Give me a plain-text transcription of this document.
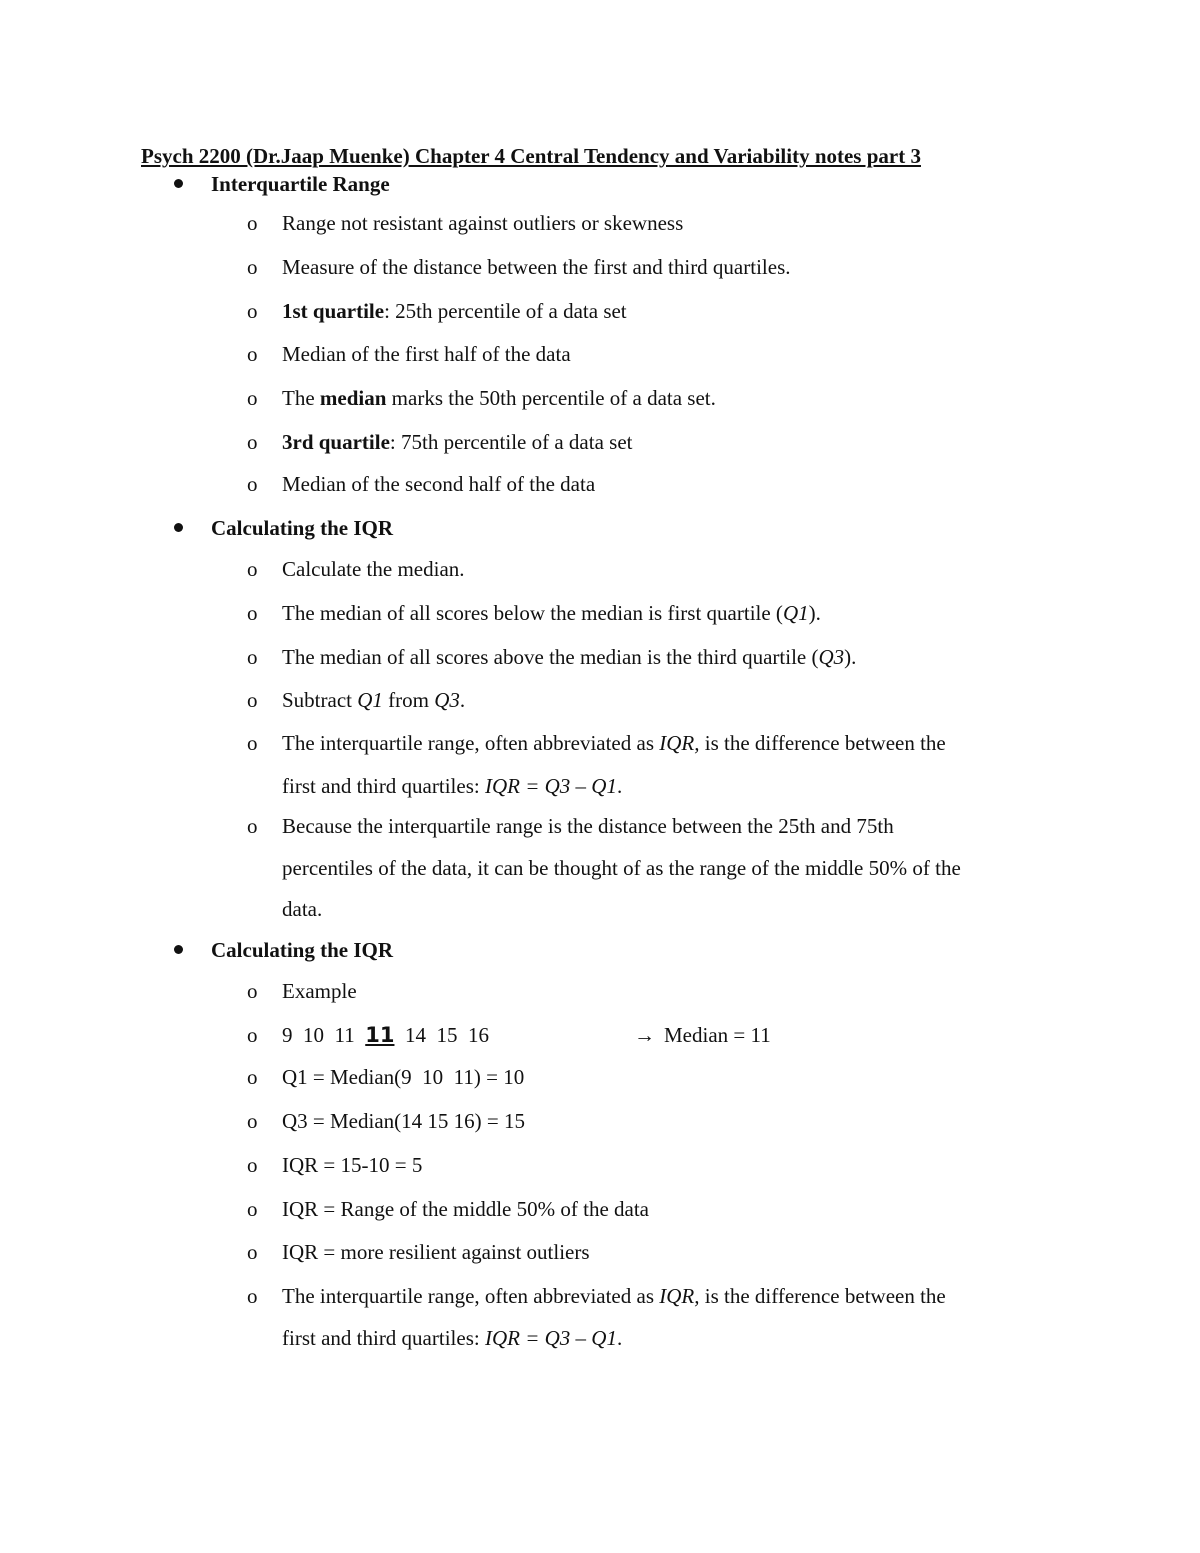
Psych 2200 (Dr.Jaap Muenke) Chapter 4 Central Tendency and Variability notes part 3
Interquartile Range
o Range not resistant against outliers or skewness
o Measure of the distance between the first and third quartiles.
o 1st quartile: 25th percentile of a data set
o Median of the first half of the data
o The median marks the 50th percentile of a data set.
o 3rd quartile: 75th percentile of a data set
o Median of the second half of the data
Calculating the IQR
o Calculate the median.
o The median of all scores below the median is first quartile (Q1).
o The median of all scores above the median is the third quartile (Q3).
o Subtract Q1 from Q3.
o The interquartile range, often abbreviated as IQR, is the difference between the
first and third quartiles: IQR = Q3 – Q1.
o Because the interquartile range is the distance between the 25th and 75th
percentiles of the data, it can be thought of as the range of the middle 50% of the
data.
Calculating the IQR
o Example
o 9  10  11  11  14  15  16	→ Median = 11
o Q1 = Median(9  10  11) = 10
o Q3 = Median(14 15 16) = 15
o IQR = 15-10 = 5
o IQR = Range of the middle 50% of the data
o IQR = more resilient against outliers
o The interquartile range, often abbreviated as IQR, is the difference between the
first and third quartiles: IQR = Q3 – Q1.
